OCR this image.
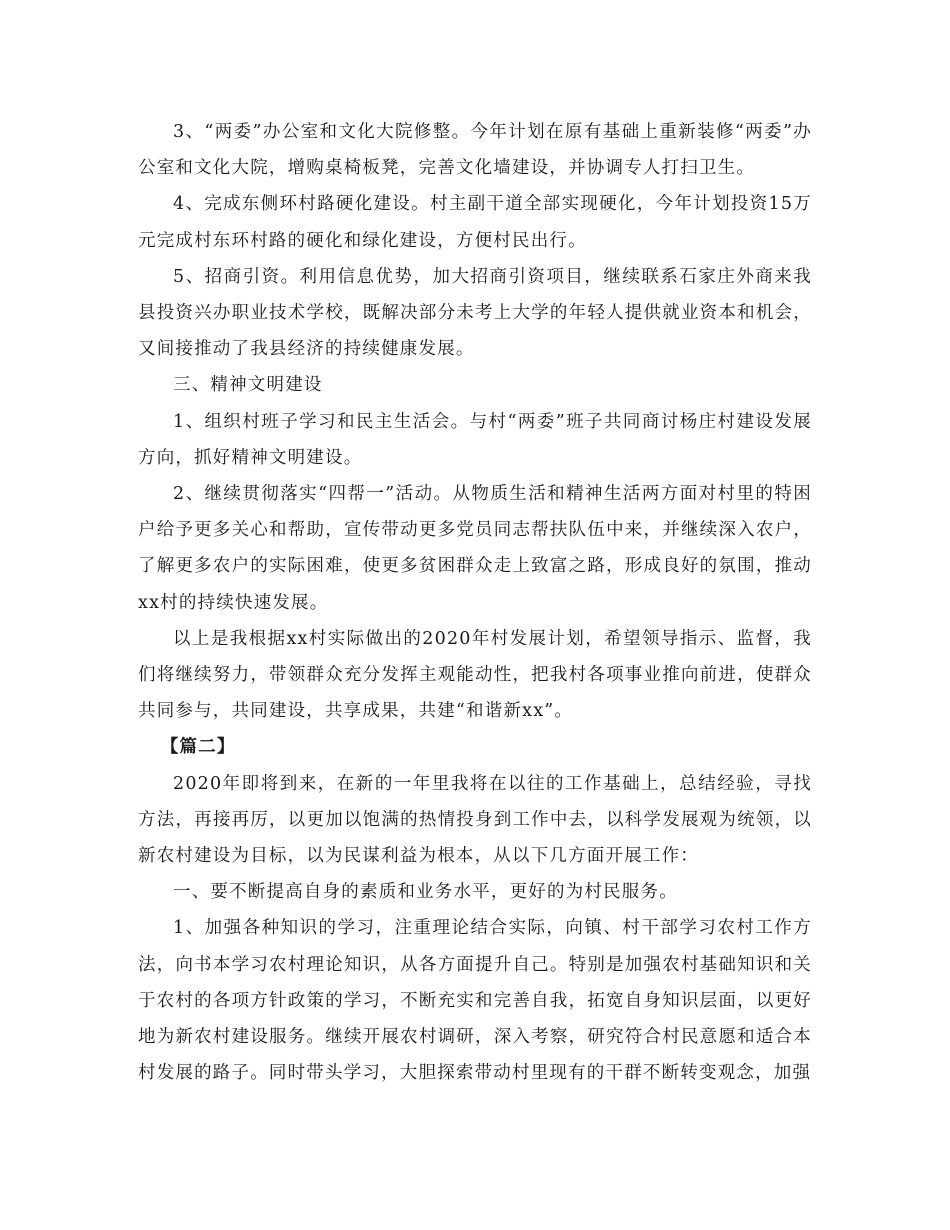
3、“两委”办公室和文化大院修整。今年计划在原有基础上重新装修“两委”办公室和文化大院，增购桌椅板凳，完善文化墙建设，并协调专人打扫卫生。

4、完成东侧环村路硬化建设。村主副干道全部实现硬化，今年计划投资15万元完成村东环村路的硬化和绿化建设，方便村民出行。

5、招商引资。利用信息优势，加大招商引资项目，继续联系石家庄外商来我县投资兴办职业技术学校，既解决部分未考上大学的年轻人提供就业资本和机会，又间接推动了我县经济的持续健康发展。

三、精神文明建设

1、组织村班子学习和民主生活会。与村“两委”班子共同商讨杨庄村建设发展方向，抓好精神文明建设。

2、继续贯彻落实“四帮一”活动。从物质生活和精神生活两方面对村里的特困户给予更多关心和帮助，宣传带动更多党员同志帮扶队伍中来，并继续深入农户，了解更多农户的实际困难，使更多贫困群众走上致富之路，形成良好的氛围，推动xx村的持续快速发展。

以上是我根据xx村实际做出的2020年村发展计划，希望领导指示、监督，我们将继续努力，带领群众充分发挥主观能动性，把我村各项事业推向前进，使群众共同参与，共同建设，共享成果，共建“和谐新xx”。

【篇二】

2020年即将到来，在新的一年里我将在以往的工作基础上，总结经验，寻找方法，再接再厉，以更加以饱满的热情投身到工作中去，以科学发展观为统领，以新农村建设为目标，以为民谋利益为根本，从以下几方面开展工作：

一、要不断提高自身的素质和业务水平，更好的为村民服务。

1、加强各种知识的学习，注重理论结合实际，向镇、村干部学习农村工作方法，向书本学习农村理论知识，从各方面提升自己。特别是加强农村基础知识和关于农村的各项方针政策的学习，不断充实和完善自我，拓宽自身知识层面，以更好地为新农村建设服务。继续开展农村调研，深入考察，研究符合村民意愿和适合本村发展的路子。同时带头学习，大胆探索带动村里现有的干群不断转变观念，加强
